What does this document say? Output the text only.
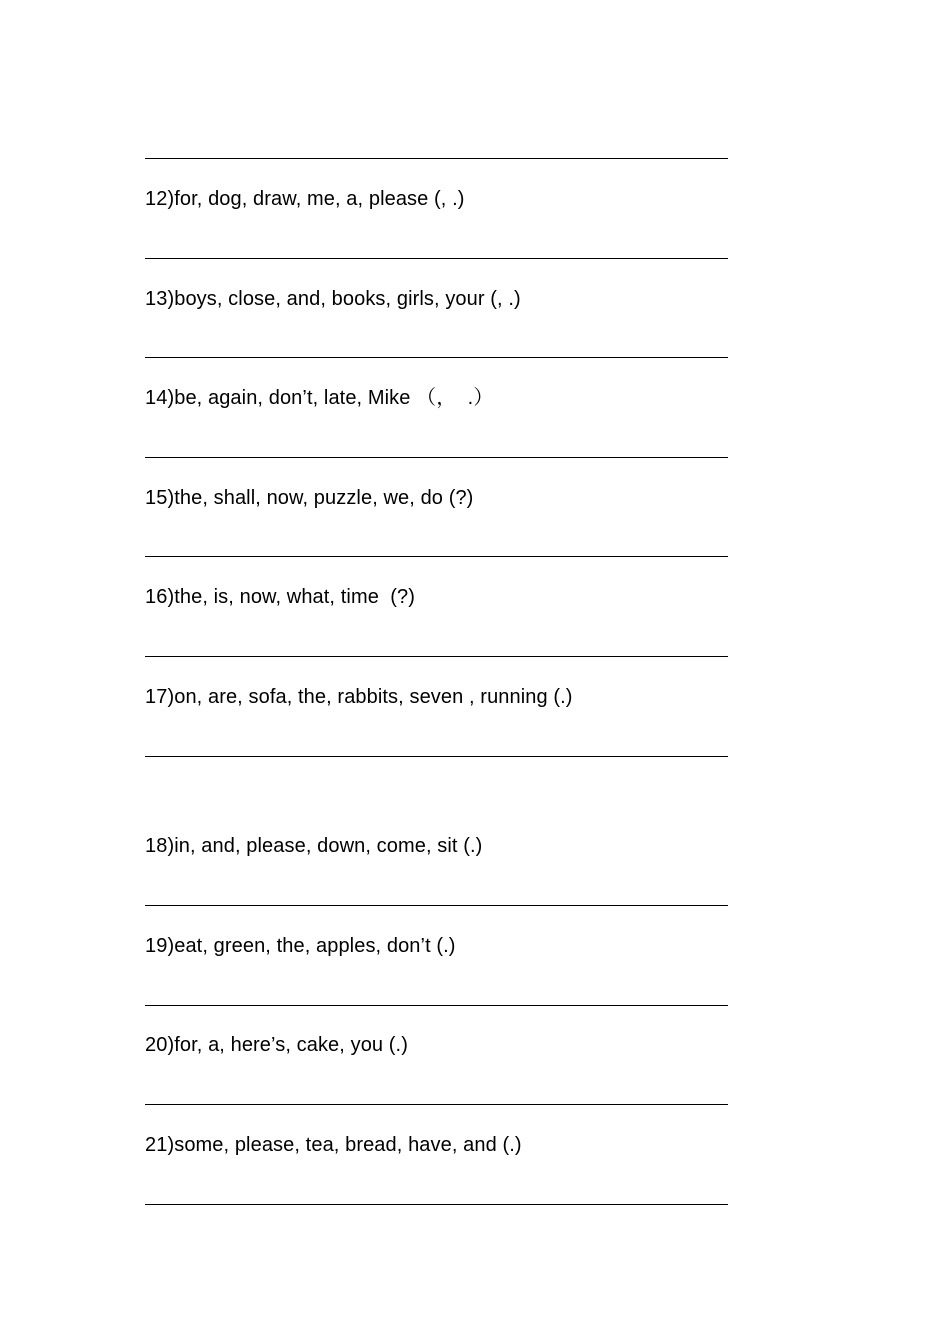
12)for, dog, draw, me, a, please (, .)
13)boys, close, and, books, girls, your (, .)
14)be, again, don’t, late, Mike （，  .）
15)the, shall, now, puzzle, we, do (?)
16)the, is, now, what, time  (?)
17)on, are, sofa, the, rabbits, seven , running (.)
18)in, and, please, down, come, sit (.)
19)eat, green, the, apples, don’t (.)
20)for, a, here’s, cake, you (.)
21)some, please, tea, bread, have, and (.)
